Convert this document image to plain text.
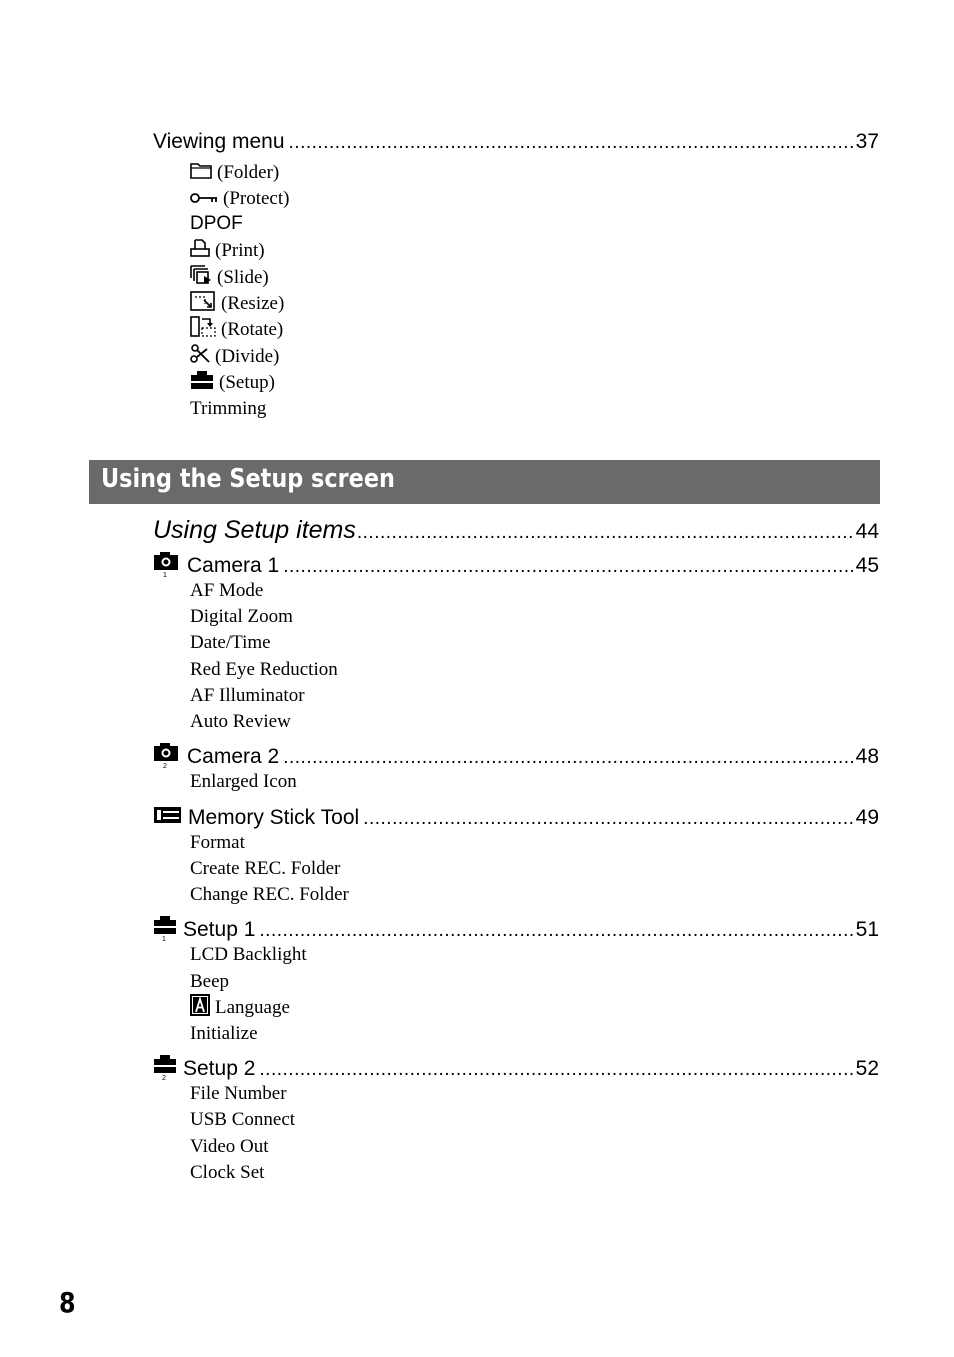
Viewing menu .....	37
(Folder)
(Protect)
DPOF
(Print)
(Slide)
(Resize)
(Rotate)
(Divide)
(Setup)
Trimming
Using the Setup screen
Using Setup items .....	44
1 Camera 1 .....	45
AF Mode
Digital Zoom
Date/Time
Red Eye Reduction
AF Illuminator
Auto Review
2 Camera 2 .....	48
Enlarged Icon
Memory Stick Tool .....	49
Format
Create REC. Folder
Change REC. Folder
1 Setup 1 .....	51
LCD Backlight
Beep
Language
Initialize
2 Setup 2 .....	52
File Number
USB Connect
Video Out
Clock Set
8
